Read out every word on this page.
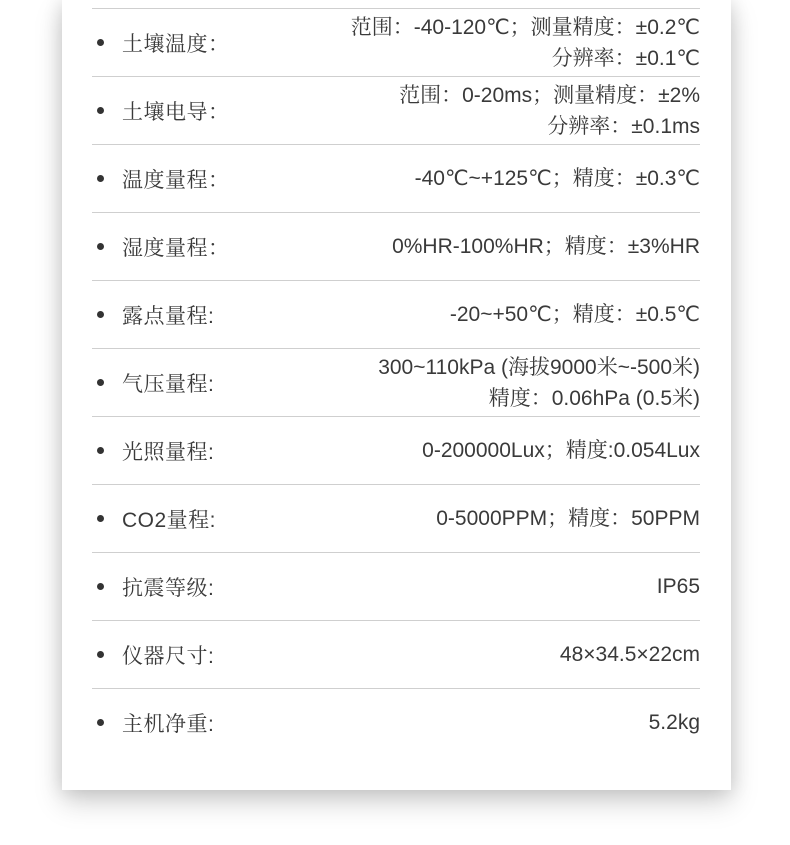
土壤温度：
范围：-40-120℃；测量精度：±0.2℃
分辨率：±0.1℃
土壤电导：
范围：0-20ms；测量精度：±2%
分辨率：±0.1ms
温度量程：	-40℃~+125℃；精度：±0.3℃
湿度量程：	0%HR-100%HR；精度：±3%HR
露点量程:	-20~+50℃；精度：±0.5℃
气压量程:
300~110kPa (海拔9000米~-500米)
精度：0.06hPa (0.5米)
光照量程:	0-200000Lux；精度:0.054Lux
CO2量程:	0-5000PPM；精度：50PPM
抗震等级:	IP65
仪器尺寸:	48×34.5×22cm
主机净重:	5.2kg
